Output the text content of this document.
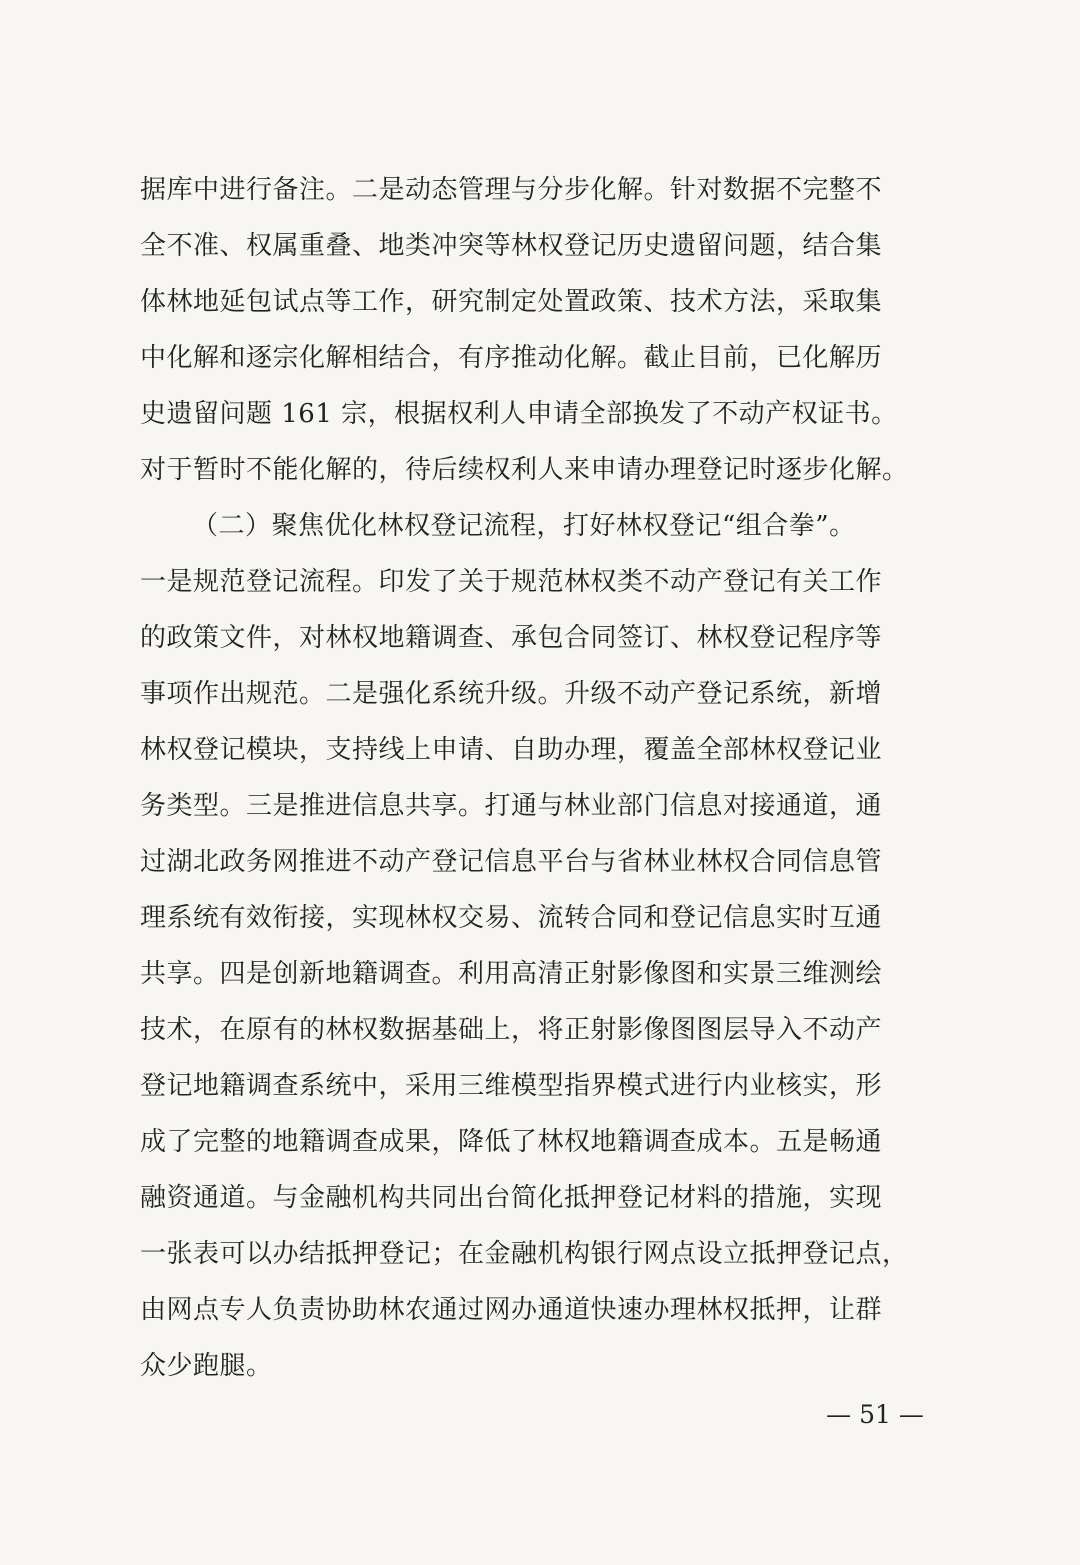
据库中进行备注。二是动态管理与分步化解。针对数据不完整不
全不准、权属重叠、地类冲突等林权登记历史遗留问题，结合集
体林地延包试点等工作，研究制定处置政策、技术方法，采取集
中化解和逐宗化解相结合，有序推动化解。截止目前，已化解历
史遗留问题 161 宗，根据权利人申请全部换发了不动产权证书。
对于暂时不能化解的，待后续权利人来申请办理登记时逐步化解。
（二）聚焦优化林权登记流程，打好林权登记“组合拳”。
一是规范登记流程。印发了关于规范林权类不动产登记有关工作
的政策文件，对林权地籍调查、承包合同签订、林权登记程序等
事项作出规范。二是强化系统升级。升级不动产登记系统，新增
林权登记模块，支持线上申请、自助办理，覆盖全部林权登记业
务类型。三是推进信息共享。打通与林业部门信息对接通道，通
过湖北政务网推进不动产登记信息平台与省林业林权合同信息管
理系统有效衔接，实现林权交易、流转合同和登记信息实时互通
共享。四是创新地籍调查。利用高清正射影像图和实景三维测绘
技术，在原有的林权数据基础上，将正射影像图图层导入不动产
登记地籍调查系统中，采用三维模型指界模式进行内业核实，形
成了完整的地籍调查成果，降低了林权地籍调查成本。五是畅通
融资通道。与金融机构共同出台简化抵押登记材料的措施，实现
一张表可以办结抵押登记；在金融机构银行网点设立抵押登记点，
由网点专人负责协助林农通过网办通道快速办理林权抵押，让群
众少跑腿。
— 51 —
